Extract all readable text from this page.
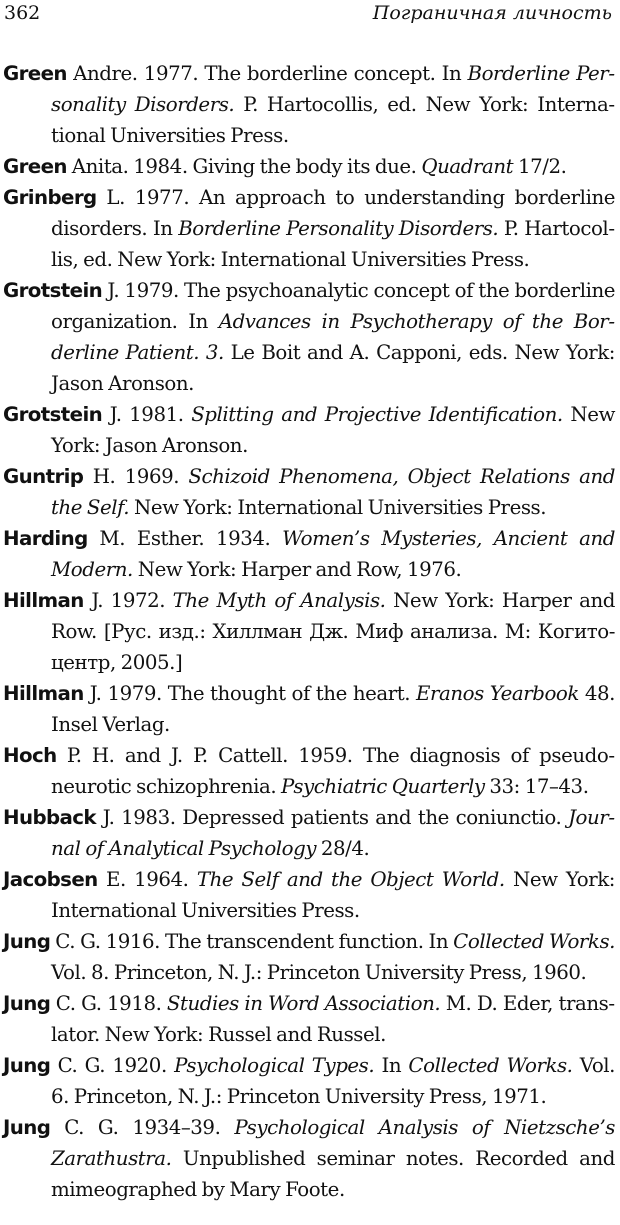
362	Пограничная личность

Green Andre. 1977. The borderline concept. In Borderline Personality Disorders. P. Hartocollis, ed. New York: International Universities Press.

Green Anita. 1984. Giving the body its due. Quadrant 17/2.

Grinberg L. 1977. An approach to understanding borderline disorders. In Borderline Personality Disorders. P. Hartocollis, ed. New York: International Universities Press.

Grotstein J. 1979. The psychoanalytic concept of the borderline organization. In Advances in Psychotherapy of the Borderline Patient. 3. Le Boit and A. Capponi, eds. New York: Jason Aronson.

Grotstein J. 1981. Splitting and Projective Identification. New York: Jason Aronson.

Guntrip H. 1969. Schizoid Phenomena, Object Relations and the Self. New York: International Universities Press.

Harding M. Esther. 1934. Women’s Mysteries, Ancient and Modern. New York: Harper and Row, 1976.

Hillman J. 1972. The Myth of Analysis. New York: Harper and Row. [Рус. изд.: Хиллман Дж. Миф анализа. М: Когито-центр, 2005.]

Hillman J. 1979. The thought of the heart. Eranos Yearbook 48. Insel Verlag.

Hoch P. H. and J. P. Cattell. 1959. The diagnosis of pseudoneurotic schizophrenia. Psychiatric Quarterly 33: 17–43.

Hubback J. 1983. Depressed patients and the coniunctio. Journal of Analytical Psychology 28/4.

Jacobsen E. 1964. The Self and the Object World. New York: International Universities Press.

Jung C. G. 1916. The transcendent function. In Collected Works. Vol. 8. Princeton, N. J.: Princeton University Press, 1960.

Jung C. G. 1918. Studies in Word Association. M. D. Eder, translator. New York: Russel and Russel.

Jung C. G. 1920. Psychological Types. In Collected Works. Vol. 6. Princeton, N. J.: Princeton University Press, 1971.

Jung C. G. 1934–39. Psychological Analysis of Nietzsche’s Zarathustra. Unpublished seminar notes. Recorded and mimeographed by Mary Foote.
